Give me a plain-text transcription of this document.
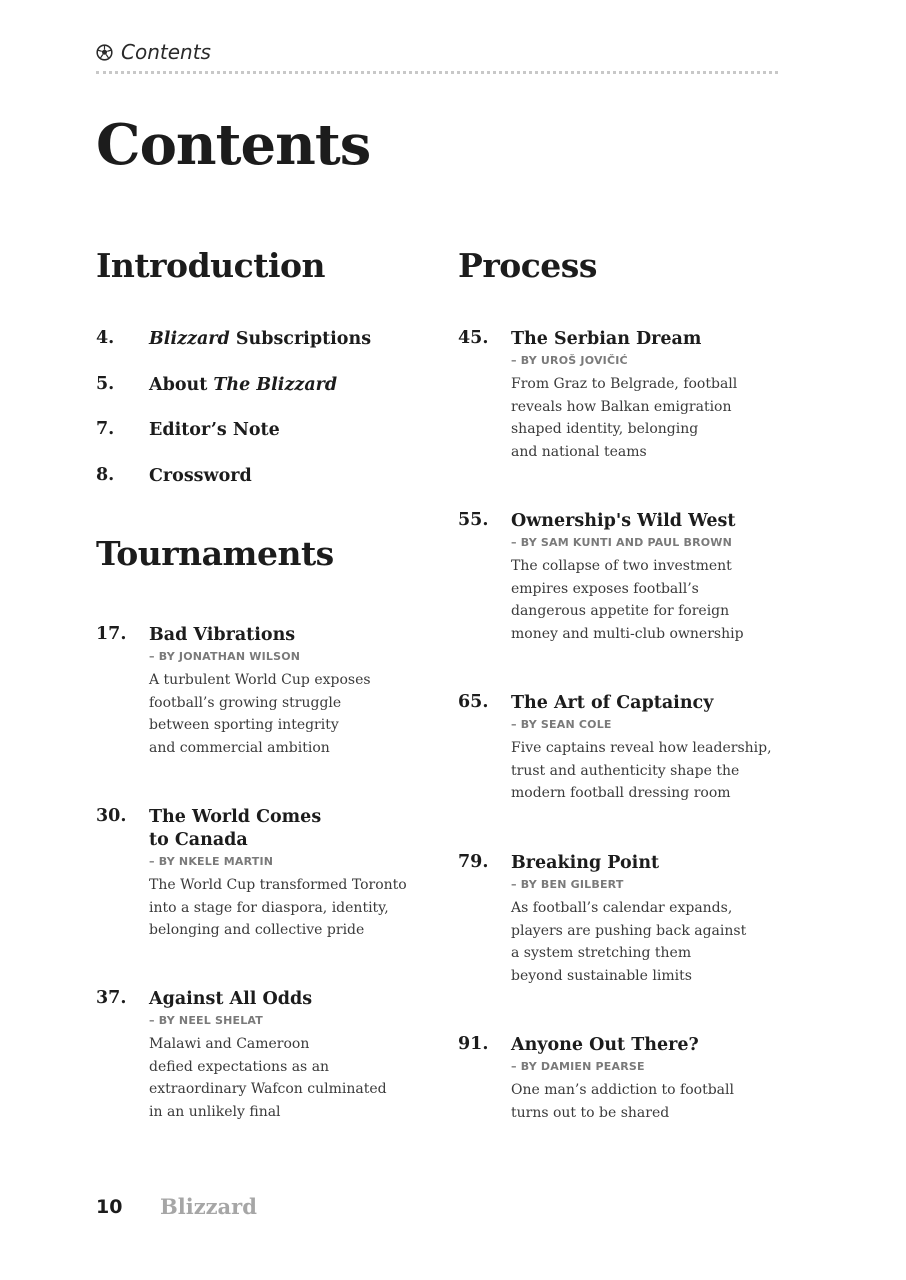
Contents
Contents
Introduction
4. Blizzard Subscriptions
5. About The Blizzard
7. Editor’s Note
8. Crossword
Tournaments
17. Bad Vibrations
– BY JONATHAN WILSON
A turbulent World Cup exposes
football’s growing struggle
between sporting integrity
and commercial ambition
30. The World Comes
to Canada
– BY NKELE MARTIN
The World Cup transformed Toronto
into a stage for diaspora, identity,
belonging and collective pride
37. Against All Odds
– BY NEEL SHELAT
Malawi and Cameroon
defied expectations as an
extraordinary Wafcon culminated
in an unlikely final
Process
45. The Serbian Dream
– BY UROŠ JOVIČIĆ
From Graz to Belgrade, football
reveals how Balkan emigration
shaped identity, belonging
and national teams
55. Ownership's Wild West
– BY SAM KUNTI AND PAUL BROWN
The collapse of two investment
empires exposes football’s
dangerous appetite for foreign
money and multi-club ownership
65. The Art of Captaincy
– BY SEAN COLE
Five captains reveal how leadership,
trust and authenticity shape the
modern football dressing room
79. Breaking Point
– BY BEN GILBERT
As football’s calendar expands,
players are pushing back against
a system stretching them
beyond sustainable limits
91. Anyone Out There?
– BY DAMIEN PEARSE
One man’s addiction to football
turns out to be shared
10 Blizzard
